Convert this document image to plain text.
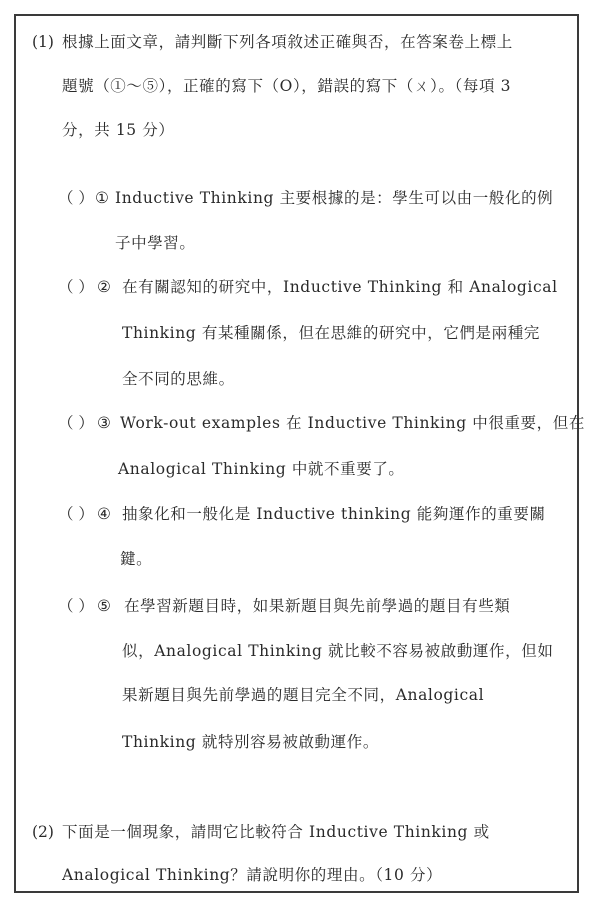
(1) 根據上面文章，請判斷下列各項敘述正確與否，在答案卷上標上
題號（①～⑤），正確的寫下（O），錯誤的寫下（ㄨ）。（每項 3
分，共 15 分）
（ ） ① Inductive Thinking 主要根據的是：學生可以由一般化的例
子中學習。
（ ） ② 在有關認知的研究中，Inductive Thinking 和 Analogical
Thinking 有某種關係，但在思維的研究中，它們是兩種完
全不同的思維。
（ ） ③ Work-out examples 在 Inductive Thinking 中很重要，但在
Analogical Thinking 中就不重要了。
（ ） ④ 抽象化和一般化是 Inductive thinking 能夠運作的重要關
鍵。
（ ） ⑤ 在學習新題目時，如果新題目與先前學過的題目有些類
似，Analogical Thinking 就比較不容易被啟動運作，但如
果新題目與先前學過的題目完全不同，Analogical
Thinking 就特別容易被啟動運作。
(2) 下面是一個現象，請問它比較符合 Inductive Thinking 或
Analogical Thinking？請說明你的理由。（10 分）
